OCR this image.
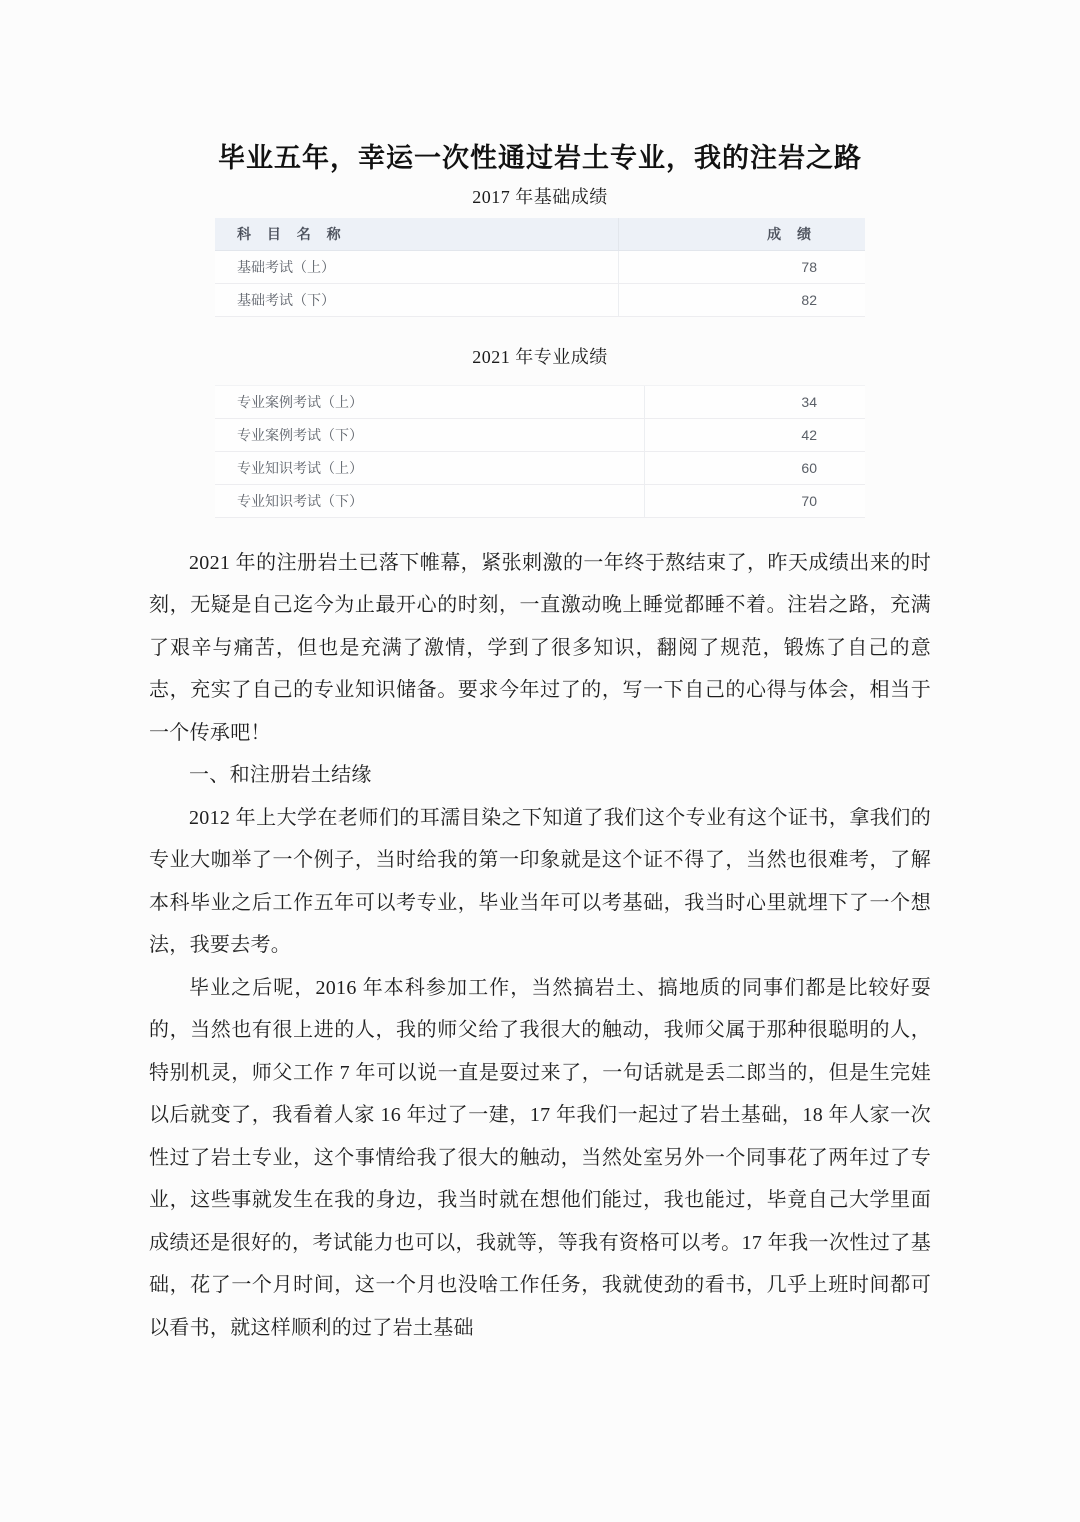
毕业五年，幸运一次性通过岩土专业，我的注岩之路
2017 年基础成绩
科 目 名 称	成 绩
基础考试（上）	78
基础考试（下）	82
2021 年专业成绩
专业案例考试（上）	34
专业案例考试（下）	42
专业知识考试（上）	60
专业知识考试（下）	70

2021 年的注册岩土已落下帷幕，紧张刺激的一年终于熬结束了，昨天成绩出来的时刻，无疑是自己迄今为止最开心的时刻，一直激动晚上睡觉都睡不着。注岩之路，充满了艰辛与痛苦，但也是充满了激情，学到了很多知识，翻阅了规范，锻炼了自己的意志，充实了自己的专业知识储备。要求今年过了的，写一下自己的心得与体会，相当于一个传承吧！

一、和注册岩土结缘

2012 年上大学在老师们的耳濡目染之下知道了我们这个专业有这个证书，拿我们的专业大咖举了一个例子，当时给我的第一印象就是这个证不得了，当然也很难考，了解本科毕业之后工作五年可以考专业，毕业当年可以考基础，我当时心里就埋下了一个想法，我要去考。

毕业之后呢，2016 年本科参加工作，当然搞岩土、搞地质的同事们都是比较好耍的，当然也有很上进的人，我的师父给了我很大的触动，我师父属于那种很聪明的人，特别机灵，师父工作 7 年可以说一直是耍过来了，一句话就是丢二郎当的，但是生完娃以后就变了，我看着人家 16 年过了一建，17 年我们一起过了岩土基础，18 年人家一次性过了岩土专业，这个事情给我了很大的触动，当然处室另外一个同事花了两年过了专业，这些事就发生在我的身边，我当时就在想他们能过，我也能过，毕竟自己大学里面成绩还是很好的，考试能力也可以，我就等，等我有资格可以考。17 年我一次性过了基础，花了一个月时间，这一个月也没啥工作任务，我就使劲的看书，几乎上班时间都可以看书，就这样顺利的过了岩土基础
